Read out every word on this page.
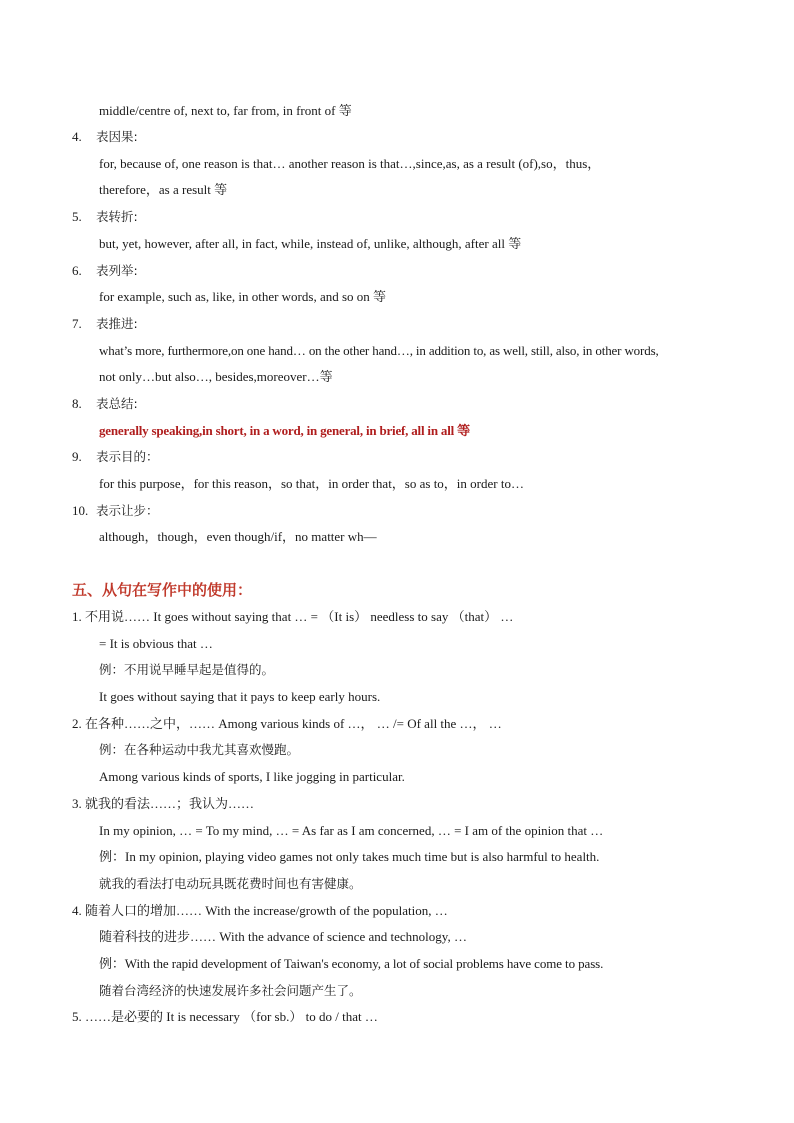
middle/centre of, next to, far from, in front of 等
4. 表因果:
for, because of, one reason is that… another reason is that…,since,as, as a result (of),so，thus，
therefore，as a result 等
5. 表转折:
but, yet, however, after all, in fact, while, instead of, unlike, although, after all 等
6. 表列举:
for example, such as, like, in other words, and so on 等
7. 表推进:
what’s more, furthermore,on one hand… on the other hand…, in addition to, as well, still, also, in other words,
not only…but also…, besides,moreover…等
8. 表总结:
generally speaking,in short, in a word, in general, in brief, all in all 等
9. 表示目的：
for this purpose，for this reason，so that，in order that，so as to，in order to…
10. 表示让步：
although，though，even though/if，no matter wh—
五、从句在写作中的使用：
1. 不用说…… It goes without saying that … = （It is） needless to say （that） …
= It is obvious that …
例：不用说早睡早起是值得的。
It goes without saying that it pays to keep early hours.
2. 在各种……之中，…… Among various kinds of …， … /= Of all the …， …
例：在各种运动中我尤其喜欢慢跑。
Among various kinds of sports, I like jogging in particular.
3. 就我的看法……；我认为……
In my opinion, … = To my mind, … = As far as I am concerned, … = I am of the opinion that …
例：In my opinion, playing video games not only takes much time but is also harmful to health.
就我的看法打电动玩具既花费时间也有害健康。
4. 随着人口的增加…… With the increase/growth of the population, …
随着科技的进步…… With the advance of science and technology, …
例：With the rapid development of Taiwan's economy, a lot of social problems have come to pass.
随着台湾经济的快速发展许多社会问题产生了。
5. ……是必要的 It is necessary （for sb.） to do / that …
